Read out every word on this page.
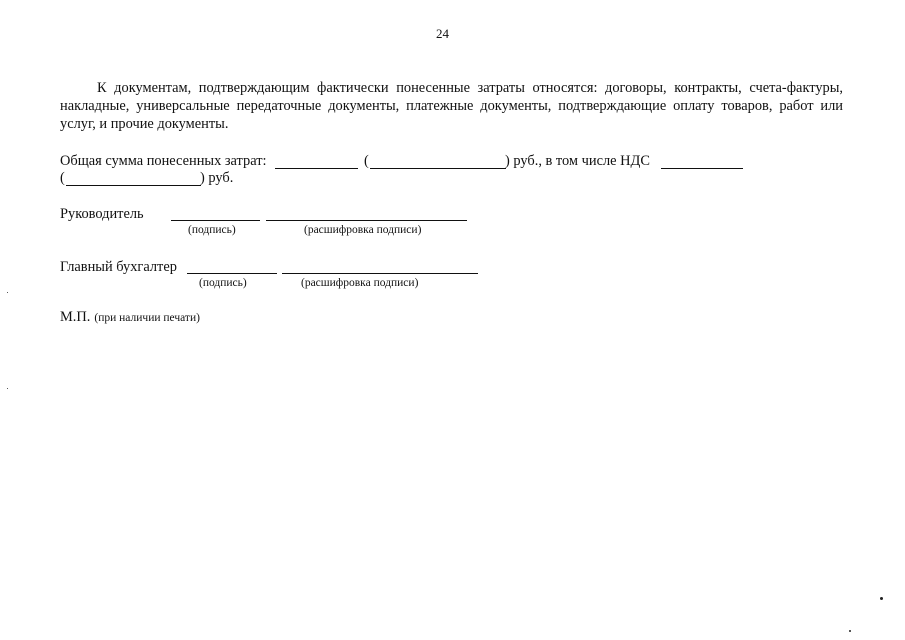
24
К документам, подтверждающим фактически понесенные затраты относятся: договоры, контракты, счета-фактуры, накладные, универсальные передаточные документы, платежные документы, подтверждающие оплату товаров, работ или услуг, и прочие документы.
Общая сумма понесенных затрат:	(	) руб., в том числе НДС
(	) руб.
Руководитель
(подпись)	(расшифровка подписи)
Главный бухгалтер
(подпись)	(расшифровка подписи)
М.П. (при наличии печати)
